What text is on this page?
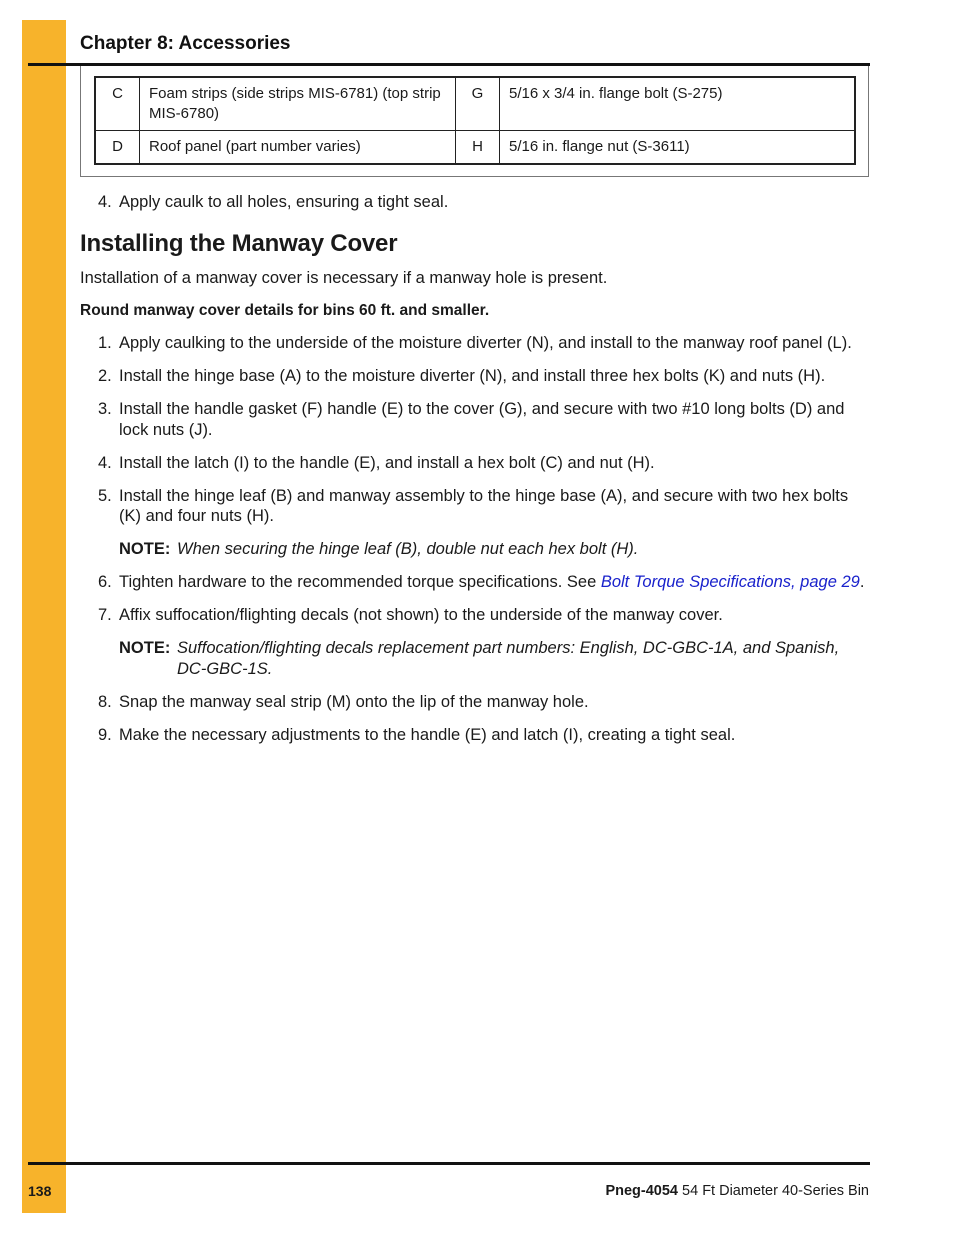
Chapter 8: Accessories
C	Foam strips (side strips MIS-6781) (top strip MIS-6780)	G	5/16 x 3/4 in. flange bolt (S-275)
D	Roof panel (part number varies)	H	5/16 in. flange nut (S-3611)
4. Apply caulk to all holes, ensuring a tight seal.
Installing the Manway Cover

Installation of a manway cover is necessary if a manway hole is present.

Round manway cover details for bins 60 ft. and smaller.

1. Apply caulking to the underside of the moisture diverter (N), and install to the manway roof panel (L).
2. Install the hinge base (A) to the moisture diverter (N), and install three hex bolts (K) and nuts (H).
3. Install the handle gasket (F) handle (E) to the cover (G), and secure with two #10 long bolts (D) and lock nuts (J).
4. Install the latch (I) to the handle (E), and install a hex bolt (C) and nut (H).
5. Install the hinge leaf (B) and manway assembly to the hinge base (A), and secure with two hex bolts (K) and four nuts (H).
NOTE: When securing the hinge leaf (B), double nut each hex bolt (H).
6. Tighten hardware to the recommended torque specifications. See Bolt Torque Specifications, page 29.
7. Affix suffocation/flighting decals (not shown) to the underside of the manway cover.
NOTE: Suffocation/flighting decals replacement part numbers: English, DC-GBC-1A, and Spanish, DC-GBC-1S.
8. Snap the manway seal strip (M) onto the lip of the manway hole.
9. Make the necessary adjustments to the handle (E) and latch (I), creating a tight seal.
138	Pneg-4054 54 Ft Diameter 40-Series Bin
